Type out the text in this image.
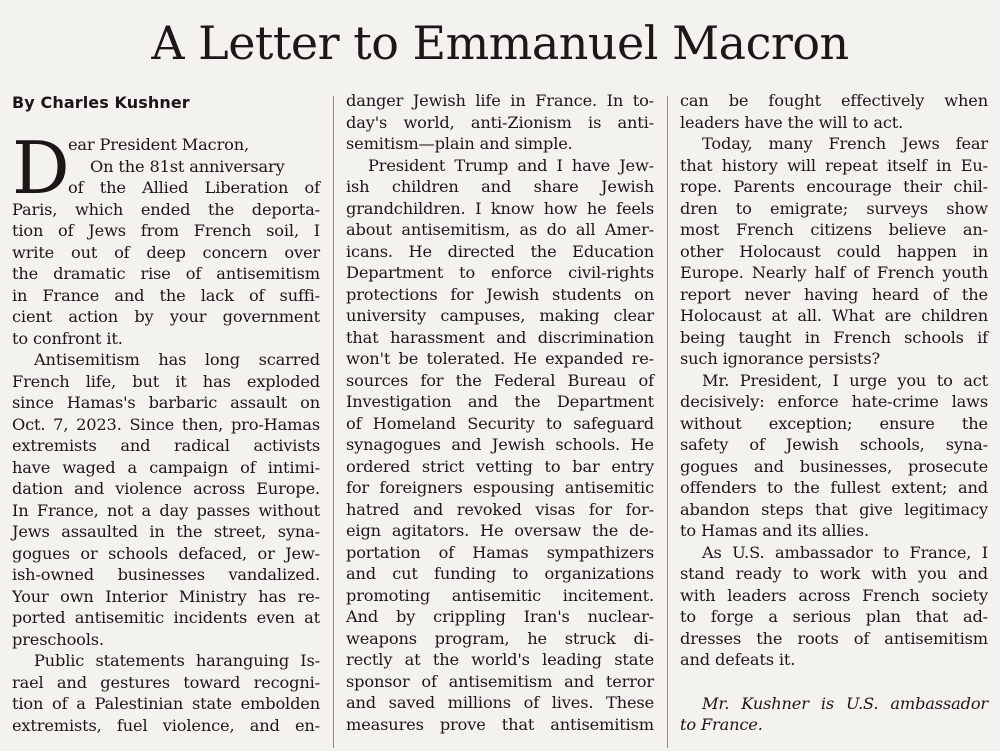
A Letter to Emmanuel Macron
By Charles Kushner
D
ear President Macron,
On the 81st anniversary
of the Allied Liberation of
Paris, which ended the deporta-
tion of Jews from French soil, I
write out of deep concern over
the dramatic rise of antisemitism
in France and the lack of suffi-
cient action by your government
to confront it.
Antisemitism has long scarred
French life, but it has exploded
since Hamas's barbaric assault on
Oct. 7, 2023. Since then, pro-Hamas
extremists and radical activists
have waged a campaign of intimi-
dation and violence across Europe.
In France, not a day passes without
Jews assaulted in the street, syna-
gogues or schools defaced, or Jew-
ish-owned businesses vandalized.
Your own Interior Ministry has re-
ported antisemitic incidents even at
preschools.
Public statements haranguing Is-
rael and gestures toward recogni-
tion of a Palestinian state embolden
extremists, fuel violence, and en-
danger Jewish life in France. In to-
day's world, anti-Zionism is anti-
semitism—plain and simple.
President Trump and I have Jew-
ish children and share Jewish
grandchildren. I know how he feels
about antisemitism, as do all Amer-
icans. He directed the Education
Department to enforce civil-rights
protections for Jewish students on
university campuses, making clear
that harassment and discrimination
won't be tolerated. He expanded re-
sources for the Federal Bureau of
Investigation and the Department
of Homeland Security to safeguard
synagogues and Jewish schools. He
ordered strict vetting to bar entry
for foreigners espousing antisemitic
hatred and revoked visas for for-
eign agitators. He oversaw the de-
portation of Hamas sympathizers
and cut funding to organizations
promoting antisemitic incitement.
And by crippling Iran's nuclear-
weapons program, he struck di-
rectly at the world's leading state
sponsor of antisemitism and terror
and saved millions of lives. These
measures prove that antisemitism
can be fought effectively when
leaders have the will to act.
Today, many French Jews fear
that history will repeat itself in Eu-
rope. Parents encourage their chil-
dren to emigrate; surveys show
most French citizens believe an-
other Holocaust could happen in
Europe. Nearly half of French youth
report never having heard of the
Holocaust at all. What are children
being taught in French schools if
such ignorance persists?
Mr. President, I urge you to act
decisively: enforce hate-crime laws
without exception; ensure the
safety of Jewish schools, syna-
gogues and businesses, prosecute
offenders to the fullest extent; and
abandon steps that give legitimacy
to Hamas and its allies.
As U.S. ambassador to France, I
stand ready to work with you and
with leaders across French society
to forge a serious plan that ad-
dresses the roots of antisemitism
and defeats it.
Mr. Kushner is U.S. ambassador
to France.
